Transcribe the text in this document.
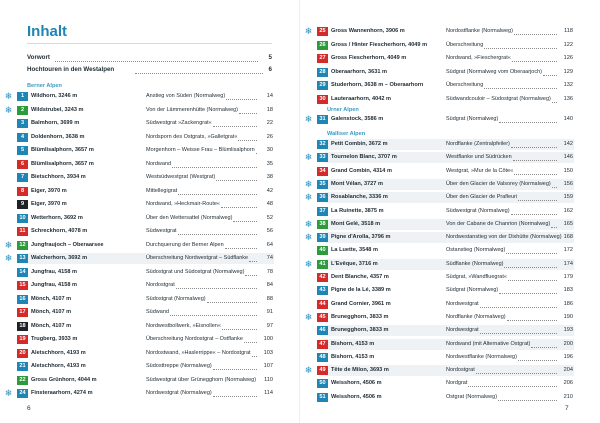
Inhalt
Vorwort	5
Hochtouren in den Westalpen	6
Berner Alpen
❄	1	Wildhorn, 3246 m	Anstieg von Süden (Normalweg)	14
❄	2	Wildstrubel, 3243 m	Von der Lämmerenhütte (Normalweg)	18
3	Balmhorn, 3699 m	Südwestgrat »Zackengrat«	22
4	Doldenhorn, 3638 m	Nordsporn des Ostgrats, »Galletgrat«	26
5	Blümlisalphorn, 3657 m	Morgenhorn – Weisse Frau – Blümlisalphorn	30
6	Blümlisalphorn, 3657 m	Nordwand	35
7	Bietschhorn, 3934 m	Westsüdwestgrat (Westgrat)	38
8	Eiger, 3970 m	Mittellegigrat	42
9	Eiger, 3970 m	Nordwand, »Heckmair-Route«	48
10 Wetterhorn, 3692 m	Über den Wettersattel (Normalweg)	52
11 Schreckhorn, 4078 m	Südwestgrat	56
❄	12 Jungfraujoch – Oberaarsee	Durchquerung der Berner Alpen	64
❄	13 Walcherhorn, 3692 m	Überschreitung Nordwestgrat – Südflanke	74
14 Jungfrau, 4158 m	Südostgrat und Südostgrat (Normalweg)	78
15 Jungfrau, 4158 m	Nordostgrat	84
16 Mönch, 4107 m	Südostgrat (Normalweg)	88
17 Mönch, 4107 m	Südwand	91
18 Mönch, 4107 m	Nordwestbollwerk, »Eisnollen«	97
19 Trugberg, 3933 m	Überschreitung Nordostgrat – Ostflanke	100
20 Aletschhorn, 4193 m	Nordostwand, »Haslerrippe« – Nordostgrat	103
21 Aletschhorn, 4193 m	Südosttreppe (Normalweg)	107
22 Gross Grünhorn, 4044 m	Südwestgrat über Grünegghorn (Normalweg)	110
❄	24 Finsteraarhorn, 4274 m	Nordwestgrat (Normalweg)	114
6
❄	25 Gross Wannenhorn, 3906 m	Nordostflanke (Normalweg)	118
26 Gross / Hinter Fiescherhorn, 4049 m	Überschreitung	122
27 Gross Fiescherhorn, 4049 m	Nordwand, »Fieschergrat«	126
28 Oberaarhorn, 3631 m	Südgrat (Normalweg vom Oberaarjoch)	129
29 Studerhorn, 3638 m – Oberaarhorn	Überschreitung	132
30 Lauteraarhorn, 4042 m	Südwandcouloir – Südostgrat (Normalweg)	136
Urner Alpen
❄	31 Galenstock, 3586 m	Südgrat (Normalweg)	140
Walliser Alpen
32 Petit Combin, 3672 m	Nordflanke (Zentralpfeiler)	142
❄	33 Tournelon Blanc, 3707 m	Westflanke und Südrücken	146
34 Grand Combin, 4314 m	Westgrat, »Mur de la Côte«	150
❄	35 Mont Vélan, 3727 m	Über den Glacier de Valsorey (Normalweg)	156
❄	36 Rosablanche, 3336 m	Über den Glacier de Prafleuri	159
37 La Ruinette, 3875 m	Südwestgrat (Normalweg)	162
❄	38 Mont Gelé, 3518 m	Von der Cabane de Chanrion (Normalweg)	165
❄	39 Pigne d'Arolla, 3796 m	Nordwestanstieg von der Dixhütte (Normalweg) 168
40 La Luette, 3548 m	Ostanstieg (Normalweg)	172
❄	41 L'Evêque, 3716 m	Südflanke (Normalweg)	174
42 Dent Blanche, 4357 m	Südgrat, »Wandfluegrat«	179
43 Pigne de la Lé, 3389 m	Südgrat (Normalweg)	183
44 Grand Cornier, 3961 m	Nordwestgrat	186
❄	45 Brunegghorn, 3833 m	Nordflanke (Normalweg)	190
46 Brunegghorn, 3833 m	Nordwestgrat	193
47 Bishorn, 4153 m	Nordwand (mit Alternative Ostgrat)	200
48 Bishorn, 4153 m	Nordwestflanke (Normalweg)	196
❄	49 Tête de Milon, 3693 m	Nordostgrat	204
50 Weisshorn, 4506 m	Nordgrat	206
51 Weisshorn, 4506 m	Ostgrat (Normalweg)	210
7
